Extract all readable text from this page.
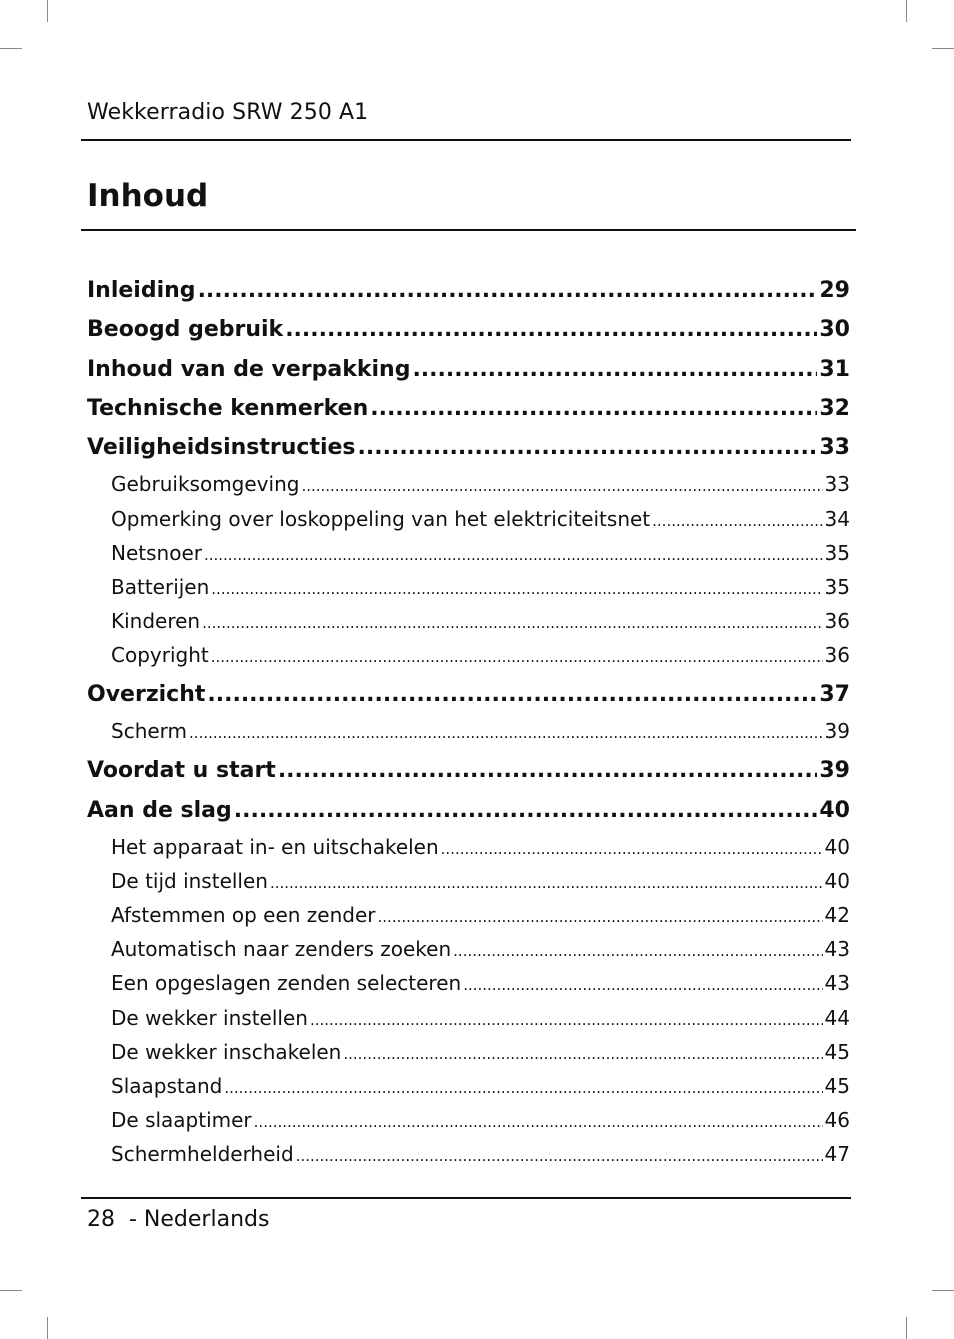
Wekkerradio SRW 250 A1
Inhoud
Inleiding .....	29
Beoogd gebruik .....	30
Inhoud van de verpakking .....	31
Technische kenmerken .....	32
Veiligheidsinstructies .....	33
Gebruiksomgeving .....	33
Opmerking over loskoppeling van het elektriciteitsnet .....	34
Netsnoer .....	35
Batterijen .....	35
Kinderen .....	36
Copyright .....	36
Overzicht .....	37
Scherm .....	39
Voordat u start .....	39
Aan de slag .....	40
Het apparaat in- en uitschakelen .....	40
De tijd instellen .....	40
Afstemmen op een zender .....	42
Automatisch naar zenders zoeken .....	43
Een opgeslagen zenden selecteren .....	43
De wekker instellen .....	44
De wekker inschakelen .....	45
Slaapstand .....	45
De slaaptimer .....	46
Schermhelderheid .....	47
28 - Nederlands
